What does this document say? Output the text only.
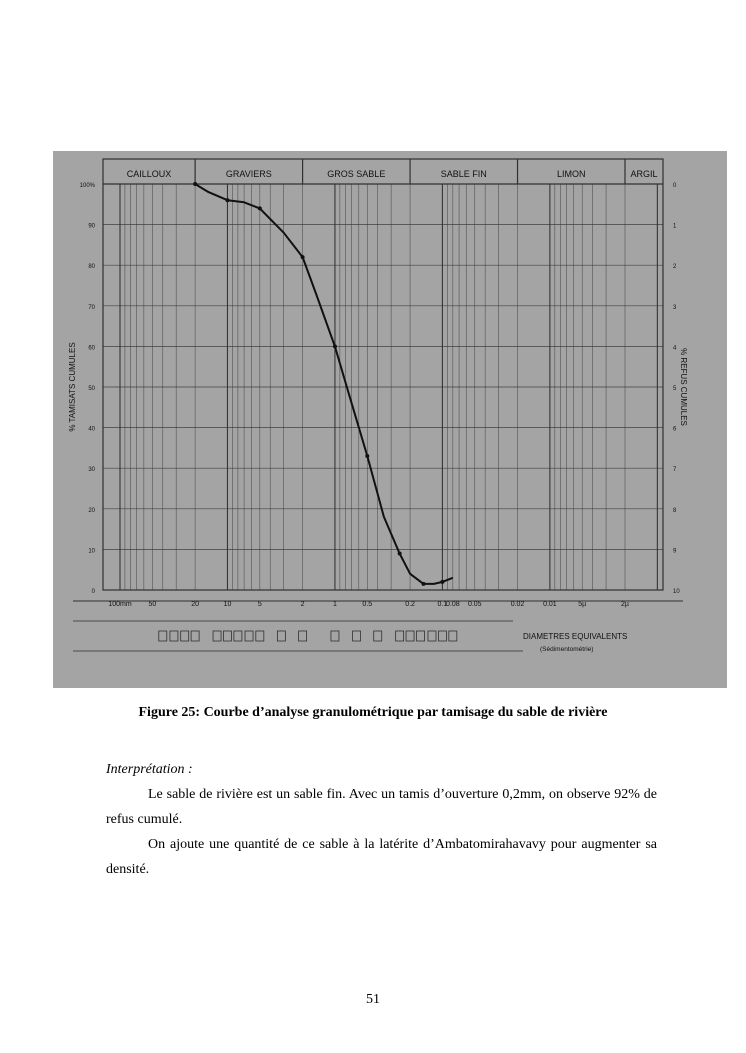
CAILLOUX	GRAVIERS	GROS SABLE	SABLE FIN	LIMON	ARGIL
100%
90
80
70
60
50
40
30
20
10
0
0
1
2
3
4
5
6
7
8
9
10
% TAMISATS CUMULES	% REFUS CUMULES
100mm 50	20	10	5	2	1	0.5	0.2	0.1
0.08 0.05	0.02	0.01	5µ	2µ
DIAMETRES EQUIVALENTS
(Sédimentométrie)
Figure 25: Courbe d’analyse granulométrique par tamisage du sable de rivière
Interprétation :
Le sable de rivière est un sable fin. Avec un tamis d’ouverture 0,2mm, on observe 92% de refus cumulé.
On ajoute une quantité de ce sable à la latérite d’Ambatomirahavavy pour augmenter sa densité.
51
